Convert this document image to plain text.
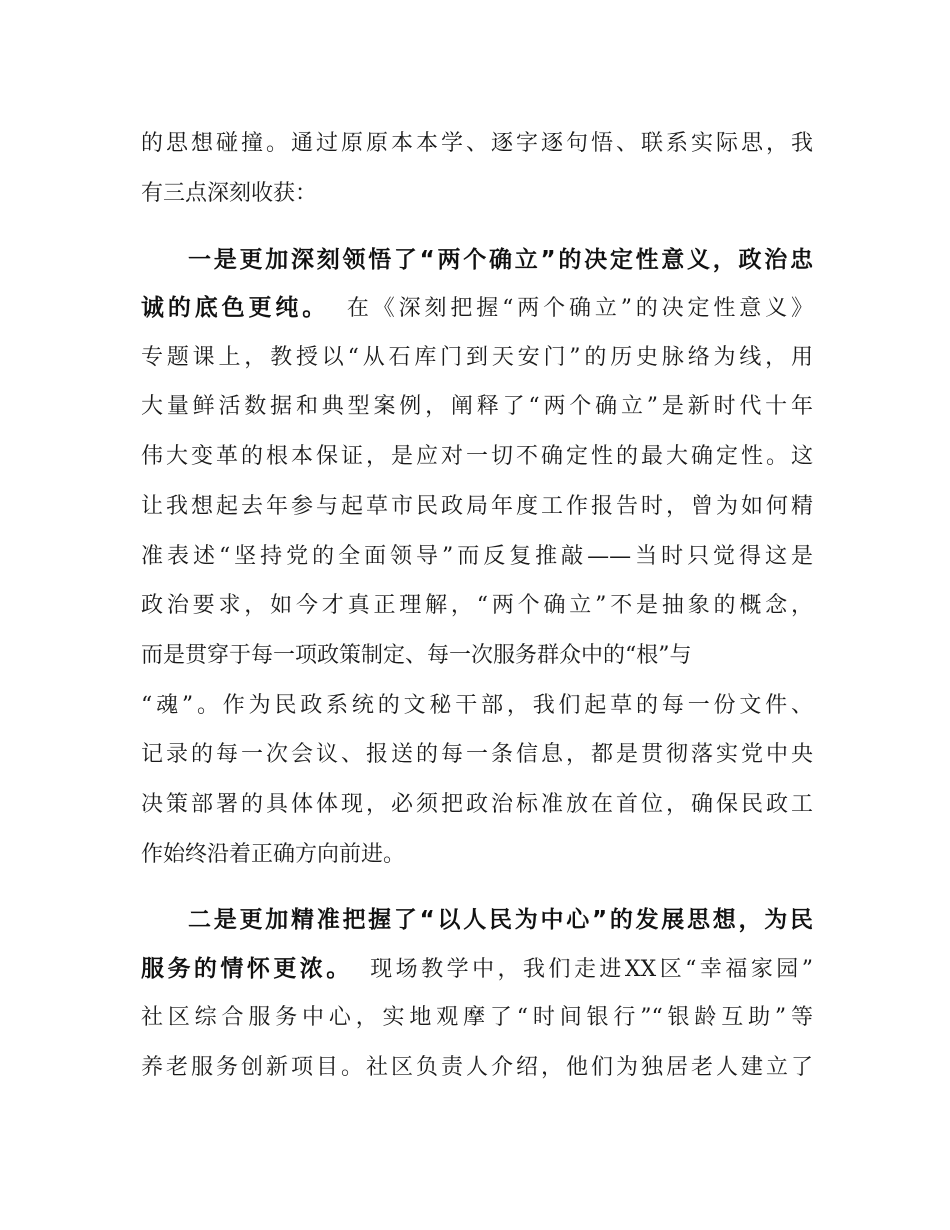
的思想碰撞。通过原原本本学、逐字逐句悟、联系实际思，我
有三点深刻收获：
一是更加深刻领悟了“两个确立”的决定性意义，政治忠
诚的底色更纯。 在《深刻把握“两个确立”的决定性意义》
专题课上，教授以“从石库门到天安门”的历史脉络为线，用
大量鲜活数据和典型案例，阐释了“两个确立”是新时代十年
伟大变革的根本保证，是应对一切不确定性的最大确定性。这
让我想起去年参与起草市民政局年度工作报告时，曾为如何精
准表述“坚持党的全面领导”而反复推敲——当时只觉得这是
政治要求，如今才真正理解，“两个确立”不是抽象的概念，
而是贯穿于每一项政策制定、每一次服务群众中的“根”与
“魂”。作为民政系统的文秘干部，我们起草的每一份文件、
记录的每一次会议、报送的每一条信息，都是贯彻落实党中央
决策部署的具体体现，必须把政治标准放在首位，确保民政工
作始终沿着正确方向前进。
二是更加精准把握了“以人民为中心”的发展思想，为民
服务的情怀更浓。 现场教学中，我们走进XX区“幸福家园”
社区综合服务中心，实地观摩了“时间银行”“银龄互助”等
养老服务创新项目。社区负责人介绍，他们为独居老人建立了
